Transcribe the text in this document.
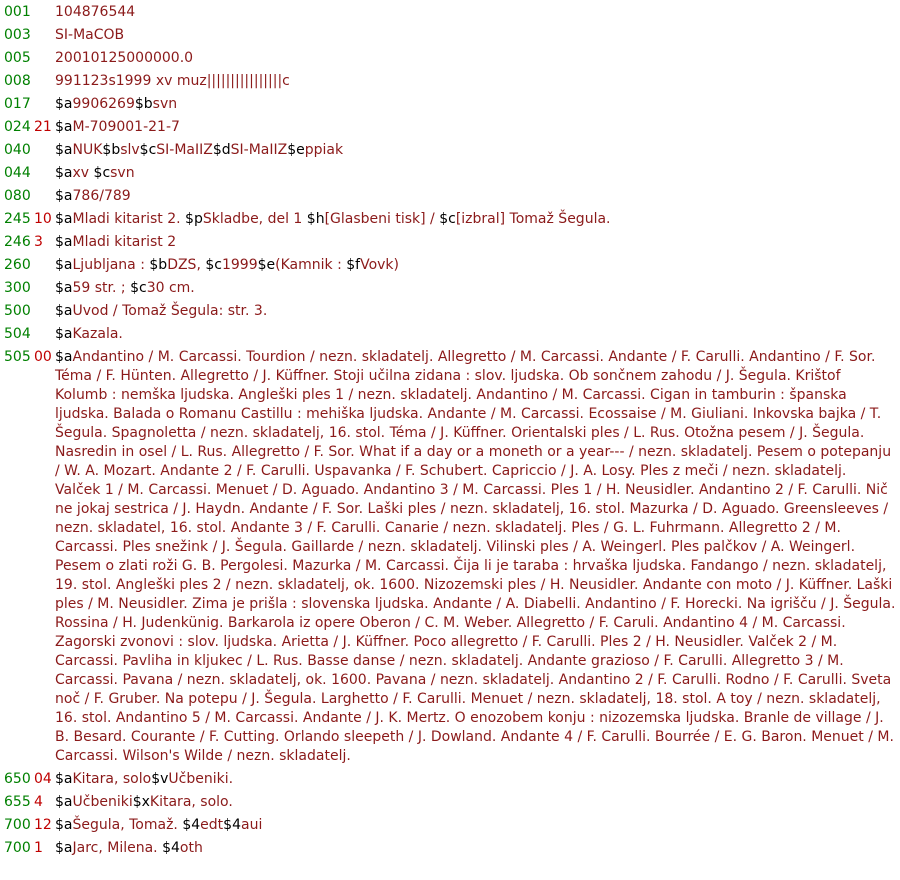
001 104876544
003 SI-MaCOB
005 20010125000000.0
008 991123s1999 xv muz||||||||||||||||c
017 $a9906269$bsvn
024 21 $aM-709001-21-7
040 $aNUK$bslv$cSI-MaIIZ$dSI-MaIIZ$eppiak
044 $axv $csvn
080 $a786/789
245 10 $aMladi kitarist 2. $pSkladbe, del 1 $h[Glasbeni tisk] / $c[izbral] Tomaž Šegula.
246 3 $aMladi kitarist 2
260 $aLjubljana : $bDZS, $c1999$e(Kamnik : $fVovk)
300 $a59 str. ; $c30 cm.
500 $aUvod / Tomaž Šegula: str. 3.
504 $aKazala.
505 00 $aAndantino / M. Carcassi. Tourdion / nezn. skladatelj. Allegretto / M. Carcassi. Andante / F. Carulli. Andantino / F. Sor. Téma / F. Hünten. Allegretto / J. Küffner. Stoji učilna zidana : slov. ljudska. Ob sončnem zahodu / J. Šegula. Krištof Kolumb : nemška ljudska. Angleški ples 1 / nezn. skladatelj. Andantino / M. Carcassi. Cigan in tamburin : španska ljudska. Balada o Romanu Castillu : mehiška ljudska. Andante / M. Carcassi. Ecossaise / M. Giuliani. Inkovska bajka / T. Šegula. Spagnoletta / nezn. skladatelj, 16. stol. Téma / J. Küffner. Orientalski ples / L. Rus. Otožna pesem / J. Šegula. Nasredin in osel / L. Rus. Allegretto / F. Sor. What if a day or a moneth or a year--- / nezn. skladatelj. Pesem o potepanju / W. A. Mozart. Andante 2 / F. Carulli. Uspavanka / F. Schubert. Capriccio / J. A. Losy. Ples z meči / nezn. skladatelj. Valček 1 / M. Carcassi. Menuet / D. Aguado. Andantino 3 / M. Carcassi. Ples 1 / H. Neusidler. Andantino 2 / F. Carulli. Nič ne jokaj sestrica / J. Haydn. Andante / F. Sor. Laški ples / nezn. skladatelj, 16. stol. Mazurka / D. Aguado. Greensleeves / nezn. skladatel, 16. stol. Andante 3 / F. Carulli. Canarie / nezn. skladatelj. Ples / G. L. Fuhrmann. Allegretto 2 / M. Carcassi. Ples snežink / J. Šegula. Gaillarde / nezn. skladatelj. Vilinski ples / A. Weingerl. Ples palčkov / A. Weingerl. Pesem o zlati roži G. B. Pergolesi. Mazurka / M. Carcassi. Čija li je taraba : hrvaška ljudska. Fandango / nezn. skladatelj, 19. stol. Angleški ples 2 / nezn. skladatelj, ok. 1600. Nizozemski ples / H. Neusidler. Andante con moto / J. Küffner. Laški ples / M. Neusidler. Zima je prišla : slovenska ljudska. Andante / A. Diabelli. Andantino / F. Horecki. Na igrišču / J. Šegula. Rossina / H. Judenkünig. Barkarola iz opere Oberon / C. M. Weber. Allegretto / F. Caruli. Andantino 4 / M. Carcassi. Zagorski zvonovi : slov. ljudska. Arietta / J. Küffner. Poco allegretto / F. Carulli. Ples 2 / H. Neusidler. Valček 2 / M. Carcassi. Pavliha in kljukec / L. Rus. Basse danse / nezn. skladatelj. Andante grazioso / F. Carulli. Allegretto 3 / M. Carcassi. Pavana / nezn. skladatelj, ok. 1600. Pavana / nezn. skladatelj. Andantino 2 / F. Carulli. Rodno / F. Carulli. Sveta noč / F. Gruber. Na potepu / J. Šegula. Larghetto / F. Carulli. Menuet / nezn. skladatelj, 18. stol. A toy / nezn. skladatelj, 16. stol. Andantino 5 / M. Carcassi. Andante / J. K. Mertz. O enozobem konju : nizozemska ljudska. Branle de village / J. B. Besard. Courante / F. Cutting. Orlando sleepeth / J. Dowland. Andante 4 / F. Carulli. Bourrée / E. G. Baron. Menuet / M. Carcassi. Wilson's Wilde / nezn. skladatelj.
650 04 $aKitara, solo$vUčbeniki.
655 4 $aUčbeniki$xKitara, solo.
700 12 $aŠegula, Tomaž. $4edt$4aui
700 1 $aJarc, Milena. $4oth
